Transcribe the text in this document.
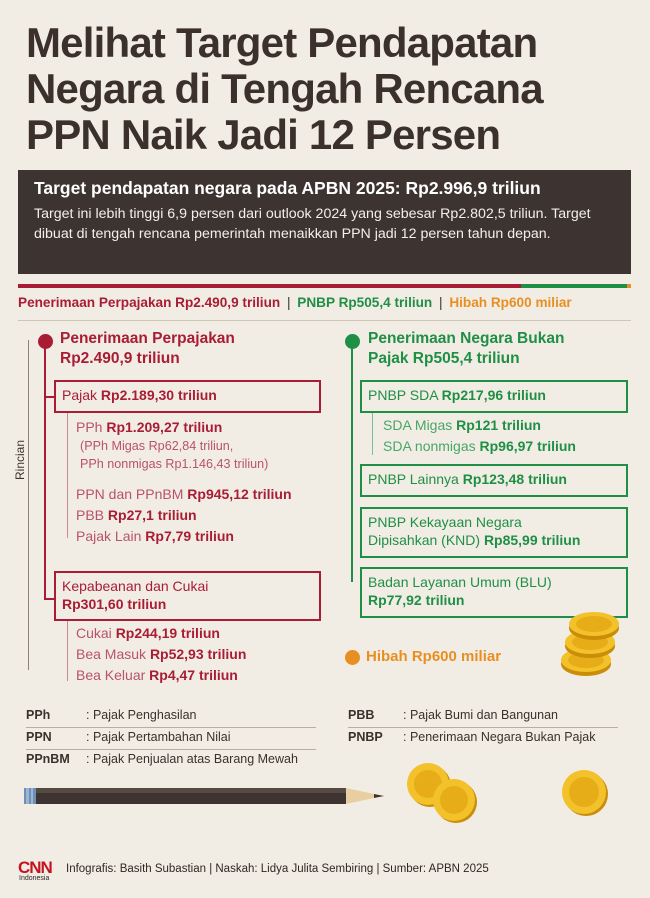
Melihat Target Pendapatan
Negara di Tengah Rencana
PPN Naik Jadi 12 Persen
Target pendapatan negara pada APBN 2025: Rp2.996,9 triliun
Target ini lebih tinggi 6,9 persen dari outlook 2024 yang sebesar Rp2.802,5 triliun. Target dibuat di tengah rencana pemerintah menaikkan PPN jadi 12 persen tahun depan.
Penerimaan Perpajakan Rp2.490,9 triliun | PNBP Rp505,4 triliun | Hibah Rp600 miliar
Penerimaan Perpajakan
Rp2.490,9 triliun
Rincian
Pajak Rp2.189,30 triliun
PPh Rp1.209,27 triliun
(PPh Migas Rp62,84 triliun,
PPh nonmigas Rp1.146,43 triliun)
PPN dan PPnBM Rp945,12 triliun
PBB Rp27,1 triliun
Pajak Lain Rp7,79 triliun
Kepabeanan dan Cukai
Rp301,60 triliun
Cukai Rp244,19 triliun
Bea Masuk Rp52,93 triliun
Bea Keluar Rp4,47 triliun
Penerimaan Negara Bukan
Pajak Rp505,4 triliun
PNBP SDA Rp217,96 triliun
SDA Migas Rp121 triliun
SDA nonmigas Rp96,97 triliun
PNBP Lainnya Rp123,48 triliun
PNBP Kekayaan Negara
Dipisahkan (KND) Rp85,99 triliun
Badan Layanan Umum (BLU)
Rp77,92 triliun
Hibah Rp600 miliar
PPh	: Pajak Penghasilan
PPN	: Pajak Pertambahan Nilai
PPnBM : Pajak Penjualan atas Barang Mewah
PBB : Pajak Bumi dan Bangunan
PNBP : Penerimaan Negara Bukan Pajak
CNN
Indonesia
Infografis: Basith Subastian | Naskah: Lidya Julita Sembiring | Sumber: APBN 2025
